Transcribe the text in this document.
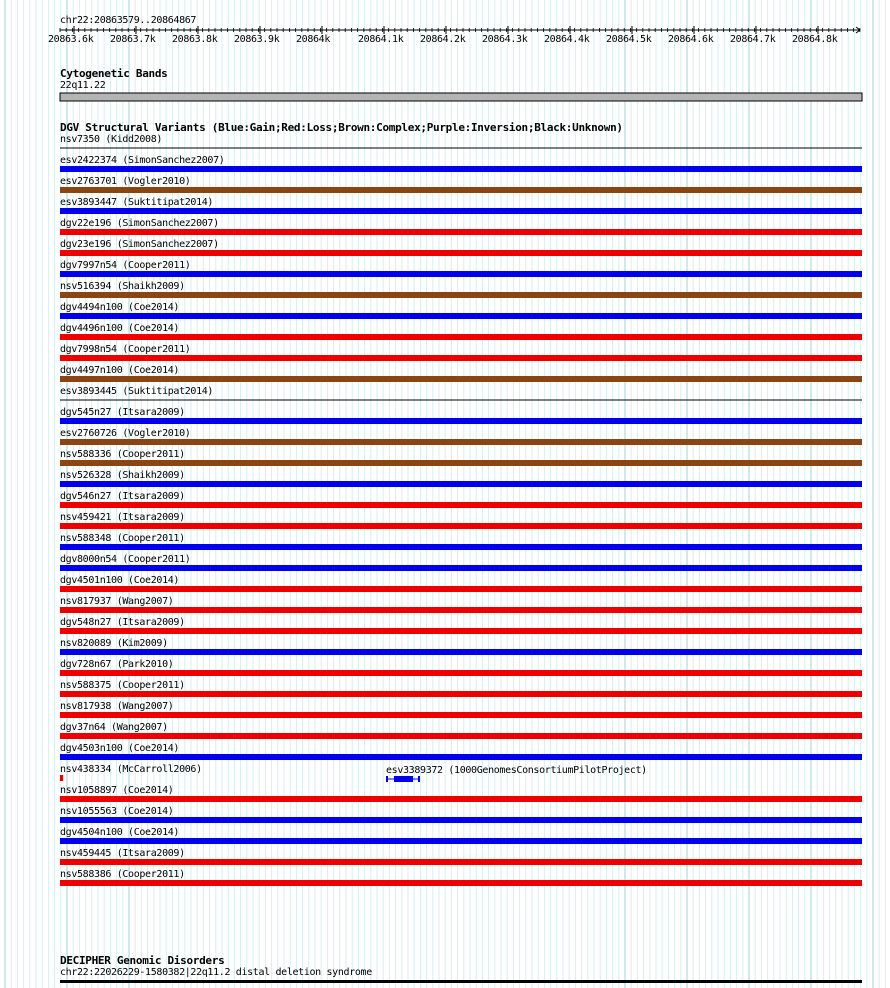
chr22:20863579..20864867
20863.6k 20863.7k 20863.8k 20863.9k 20864k	20864.1k 20864.2k 20864.3k 20864.4k 20864.5k 20864.6k 20864.7k 20864.8k
Cytogenetic Bands
22q11.22
DGV Structural Variants (Blue:Gain;Red:Loss;Brown:Complex;Purple:Inversion;Black:Unknown)
nsv7350 (Kidd2008)
esv2422374 (SimonSanchez2007)
esv2763701 (Vogler2010)
esv3893447 (Suktitipat2014)
dgv22e196 (SimonSanchez2007)
dgv23e196 (SimonSanchez2007)
dgv7997n54 (Cooper2011)
nsv516394 (Shaikh2009)
dgv4494n100 (Coe2014)
dgv4496n100 (Coe2014)
dgv7998n54 (Cooper2011)
dgv4497n100 (Coe2014)
esv3893445 (Suktitipat2014)
dgv545n27 (Itsara2009)
esv2760726 (Vogler2010)
nsv588336 (Cooper2011)
nsv526328 (Shaikh2009)
dgv546n27 (Itsara2009)
nsv459421 (Itsara2009)
nsv588348 (Cooper2011)
dgv8000n54 (Cooper2011)
dgv4501n100 (Coe2014)
nsv817937 (Wang2007)
dgv548n27 (Itsara2009)
nsv820089 (Kim2009)
dgv728n67 (Park2010)
nsv588375 (Cooper2011)
nsv817938 (Wang2007)
dgv37n64 (Wang2007)
dgv4503n100 (Coe2014)
nsv438334 (McCarroll2006)
nsv1058897 (Coe2014)
nsv1055563 (Coe2014)
dgv4504n100 (Coe2014)
nsv459445 (Itsara2009)
nsv588386 (Cooper2011)
esv3389372 (1000GenomesConsortiumPilotProject)
DECIPHER Genomic Disorders
chr22:22026229-1580382|22q11.2 distal deletion syndrome
